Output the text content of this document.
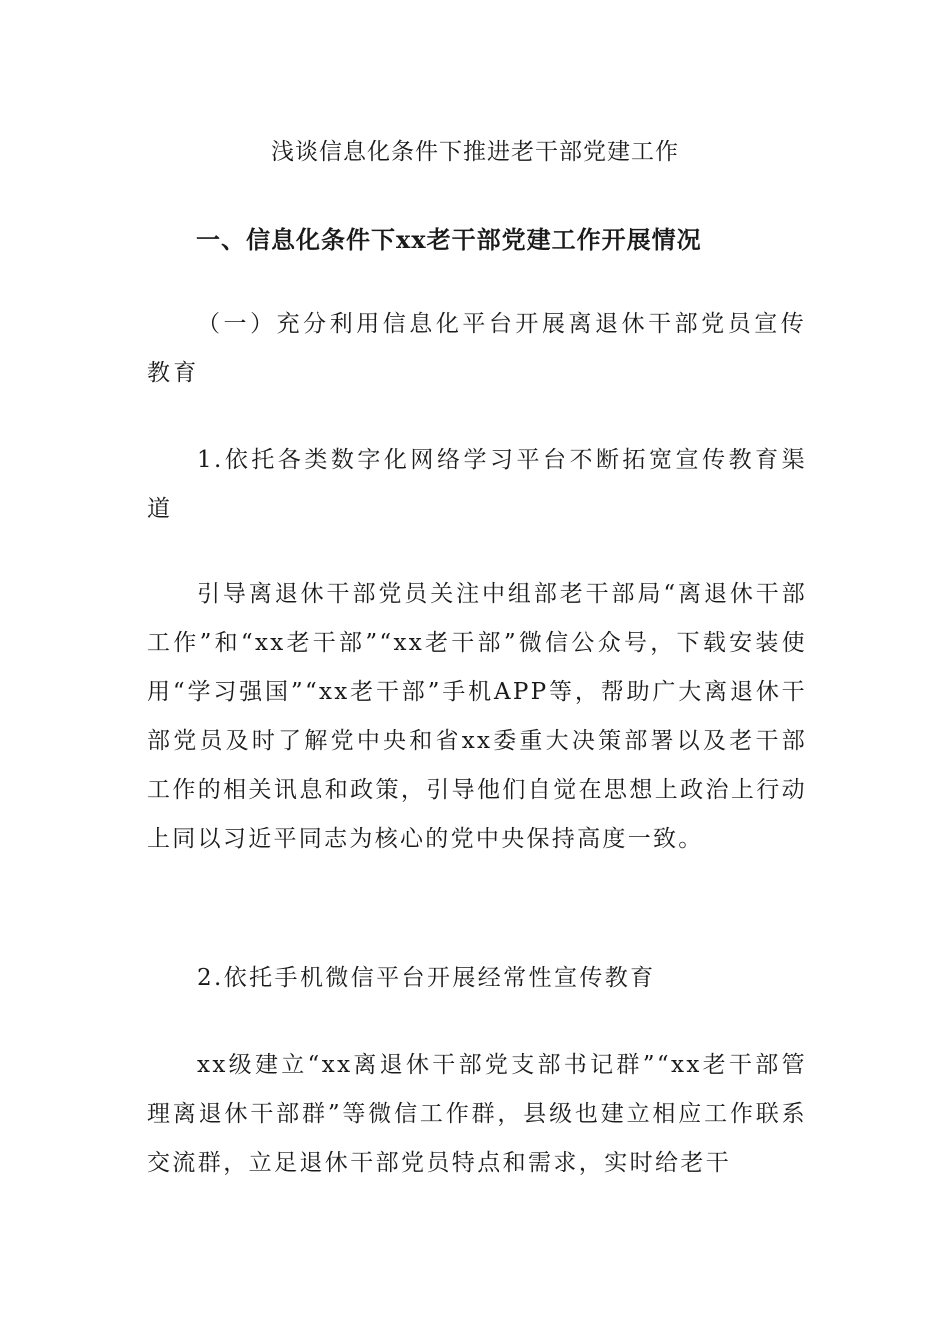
浅谈信息化条件下推进老干部党建工作
一、信息化条件下xx老干部党建工作开展情况

（一）充分利用信息化平台开展离退休干部党员宣传教育

1.依托各类数字化网络学习平台不断拓宽宣传教育渠道

引导离退休干部党员关注中组部老干部局“离退休干部工作”和“xx老干部”“xx老干部”微信公众号，下载安装使用“学习强国”“xx老干部”手机APP等，帮助广大离退休干部党员及时了解党中央和省xx委重大决策部署以及老干部工作的相关讯息和政策，引导他们自觉在思想上政治上行动上同以习近平同志为核心的党中央保持高度一致。

2.依托手机微信平台开展经常性宣传教育

xx级建立“xx离退休干部党支部书记群”“xx老干部管理离退休干部群”等微信工作群，县级也建立相应工作联系交流群，立足退休干部党员特点和需求，实时给老干
